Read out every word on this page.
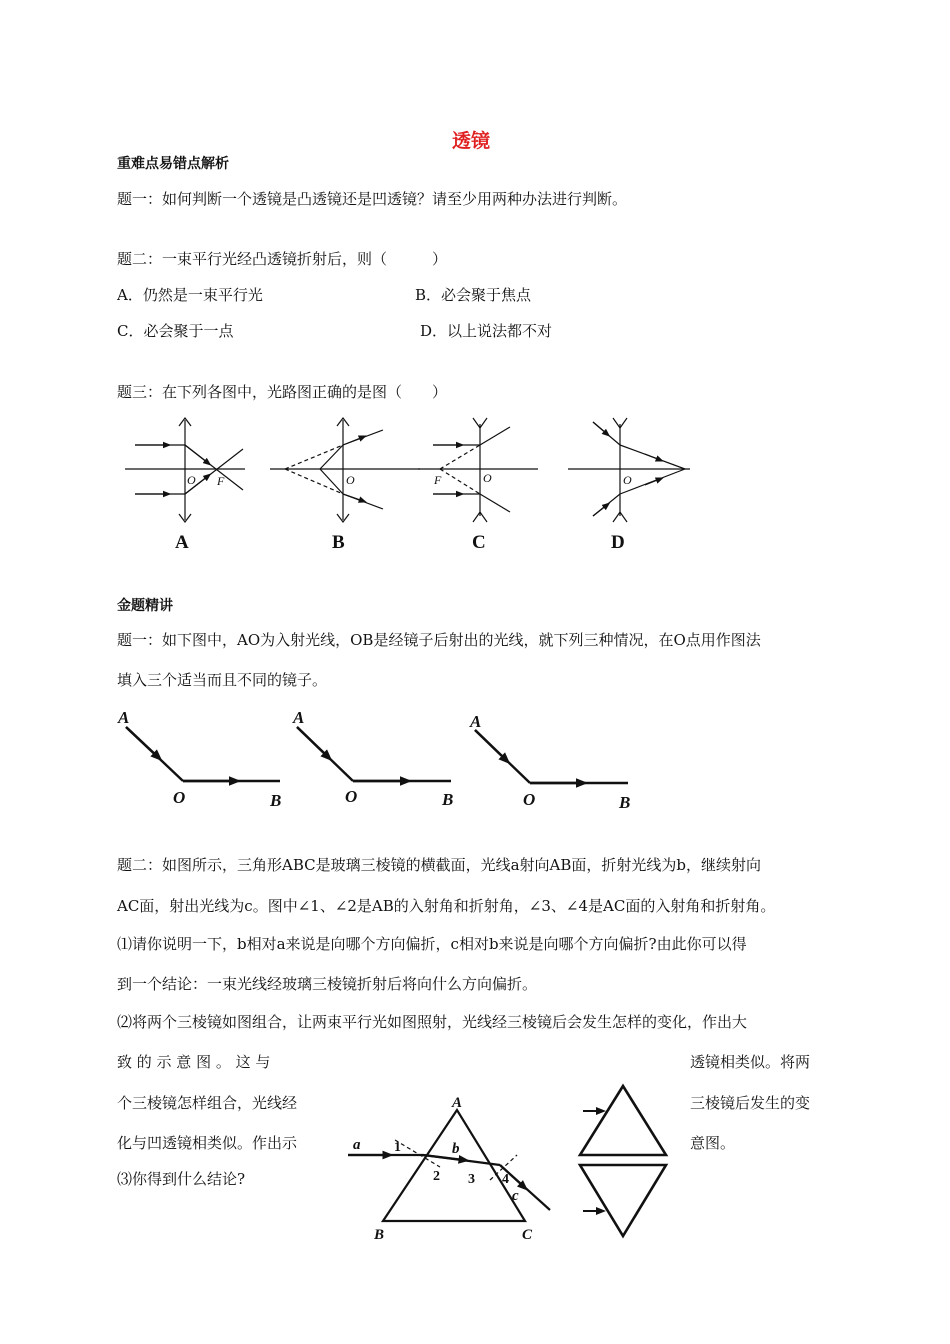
透镜
重难点易错点解析
题一：如何判断一个透镜是凸透镜还是凹透镜？请至少用两种办法进行判断。
题二：一束平行光经凸透镜折射后，则（　　　）
A．仍然是一束平行光	B．必会聚于焦点
C．必会聚于一点	D．以上说法都不对
题三：在下列各图中，光路图正确的是图（　　）
O F	O	F	O	O
A	B	C	D
金题精讲
题一：如下图中，AO为入射光线，OB是经镜子后射出的光线，就下列三种情况，在O点用作图法
填入三个适当而且不同的镜子。
A
O	B
A
O	B
A
O	B
题二：如图所示，三角形ABC是玻璃三棱镜的横截面，光线a射向AB面，折射光线为b，继续射向
AC面，射出光线为c。图中∠1、∠2是AB的入射角和折射角，∠3、∠4是AC面的入射角和折射角。
⑴请你说明一下，b相对a来说是向哪个方向偏折，c相对b来说是向哪个方向偏折?由此你可以得
到一个结论：一束光线经玻璃三棱镜折射后将向什么方向偏折。
⑵将两个三棱镜如图组合，让两束平行光如图照射，光线经三棱镜后会发生怎样的变化，作出大
致 的 示 意 图 。 这 与	透镜相类似。将两
个三棱镜怎样组合，光线经	三棱镜后发生的变
化与凹透镜相类似。作出示	意图。
⑶你得到什么结论?
A
B	C
a	b
c
1
2 3 4
